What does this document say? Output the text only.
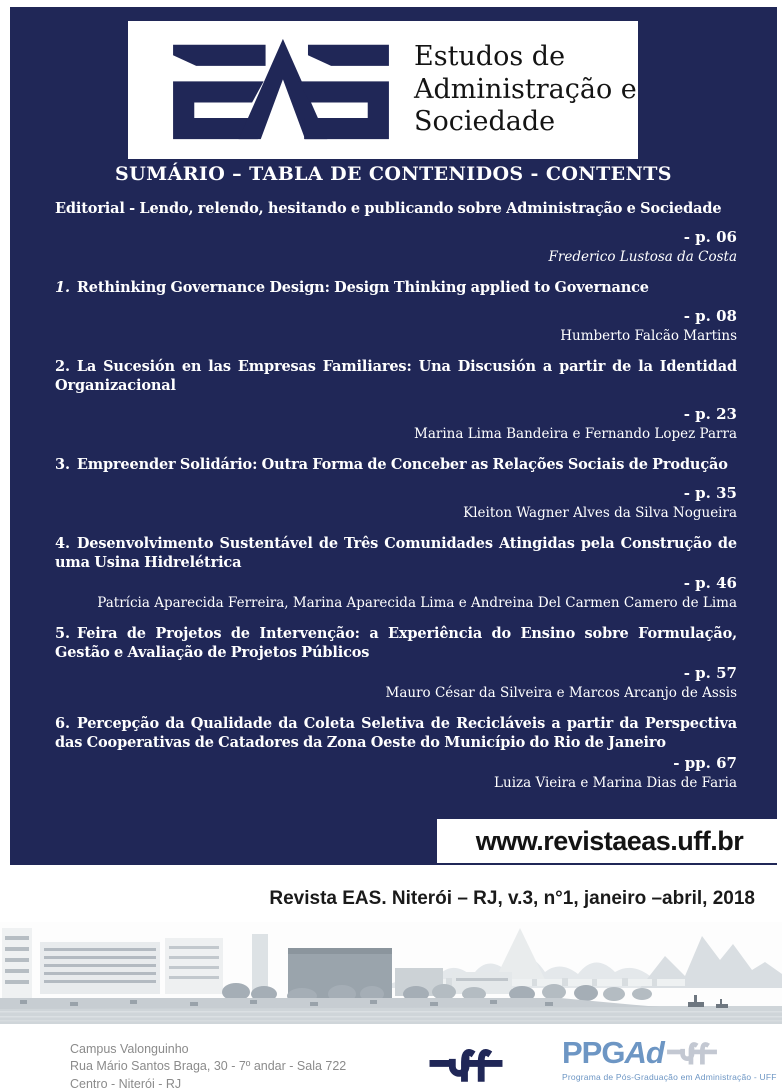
Estudos de
Administração e
Sociedade
SUMÁRIO – TABLA DE CONTENIDOS - CONTENTS
Editorial - Lendo, relendo, hesitando e publicando sobre Administração e Sociedade
- p. 06
Frederico Lustosa da Costa
1. Rethinking Governance Design: Design Thinking applied to Governance
- p. 08
Humberto Falcão Martins
2. La Sucesión en las Empresas Familiares: Una Discusión a partir de la Identidad Organizacional
- p. 23
Marina Lima Bandeira e Fernando Lopez Parra
3. Empreender Solidário: Outra Forma de Conceber as Relações Sociais de Produção
- p. 35
Kleiton Wagner Alves da Silva Nogueira
4. Desenvolvimento Sustentável de Três Comunidades Atingidas pela Construção de uma Usina Hidrelétrica
- p. 46
Patrícia Aparecida Ferreira, Marina Aparecida Lima e Andreina Del Carmen Camero de Lima
5. Feira de Projetos de Intervenção: a Experiência do Ensino sobre Formulação, Gestão e Avaliação de Projetos Públicos
- p. 57
Mauro César da Silveira e Marcos Arcanjo de Assis
6. Percepção da Qualidade da Coleta Seletiva de Recicláveis a partir da Perspectiva das Cooperativas de Catadores da Zona Oeste do Município do Rio de Janeiro
- pp. 67
Luiza Vieira e Marina Dias de Faria
www.revistaeas.uff.br
Revista EAS. Niterói – RJ, v.3, n°1, janeiro –abril, 2018
Campus Valonguinho
Rua Mário Santos Braga, 30 - 7º andar - Sala 722
Centro - Niterói - RJ
PPGAd
Programa de Pós-Graduação em Administração - UFF
